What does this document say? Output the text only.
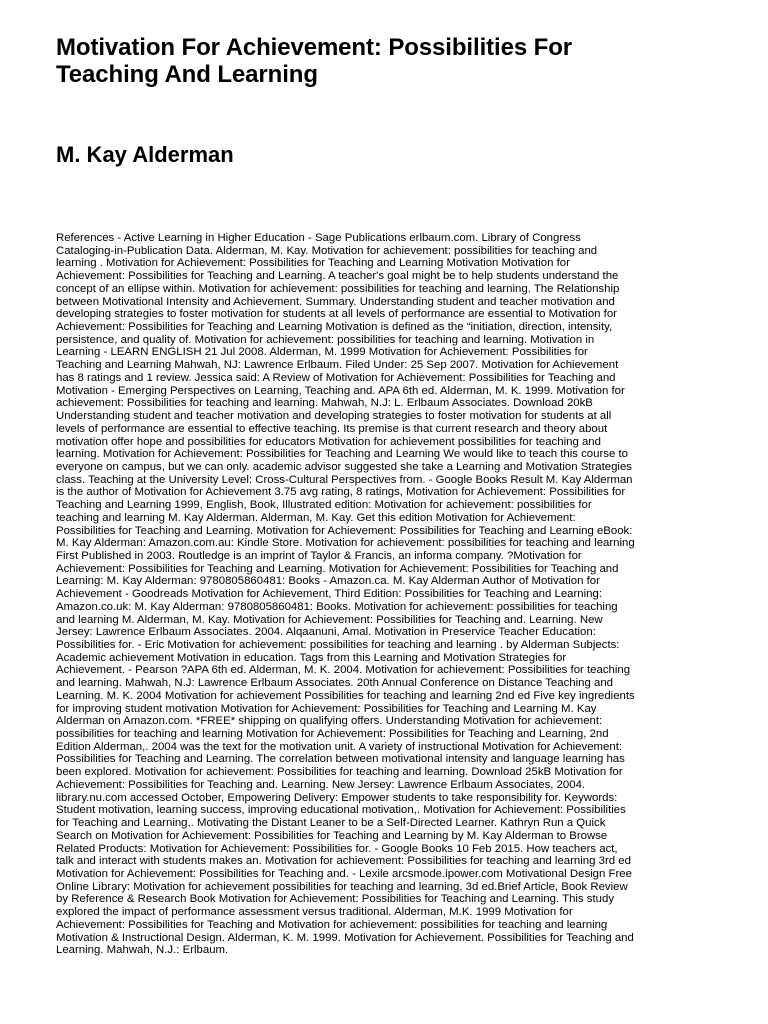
Motivation For Achievement: Possibilities For
Teaching And Learning
M. Kay Alderman
References - Active Learning in Higher Education - Sage Publications erlbaum.com. Library of Congress
Cataloging-in-Publication Data. Alderman, M. Kay. Motivation for achievement: possibilities for teaching and
learning . Motivation for Achievement: Possibilities for Teaching and Learning Motivation Motivation for
Achievement: Possibilities for Teaching and Learning. A teacher's goal might be to help students understand the
concept of an ellipse within. Motivation for achievement: possibilities for teaching and learning. The Relationship
between Motivational Intensity and Achievement. Summary. Understanding student and teacher motivation and
developing strategies to foster motivation for students at all levels of performance are essential to Motivation for
Achievement: Possibilities for Teaching and Learning Motivation is defined as the “initiation, direction, intensity,
persistence, and quality of. Motivation for achievement: possibilities for teaching and learning. Motivation in
Learning - LEARN ENGLISH 21 Jul 2008. Alderman, M. 1999 Motivation for Achievement: Possibilities for
Teaching and Learning Mahwah, NJ: Lawrence Erlbaum. Filed Under: 25 Sep 2007. Motivation for Achievement
has 8 ratings and 1 review. Jessica said: A Review of Motivation for Achievement: Possibilities for Teaching and
Motivation - Emerging Perspectives on Learning, Teaching and. APA 6th ed. Alderman, M. K. 1999. Motivation for
achievement: Possibilities for teaching and learning. Mahwah, N.J: L. Erlbaum Associates. Download 20kB
Understanding student and teacher motivation and developing strategies to foster motivation for students at all
levels of performance are essential to effective teaching. Its premise is that current research and theory about
motivation offer hope and possibilities for educators Motivation for achievement possibilities for teaching and
learning. Motivation for Achievement: Possibilities for Teaching and Learning We would like to teach this course to
everyone on campus, but we can only. academic advisor suggested she take a Learning and Motivation Strategies
class. Teaching at the University Level: Cross-Cultural Perspectives from. - Google Books Result M. Kay Alderman
is the author of Motivation for Achievement 3.75 avg rating, 8 ratings, Motivation for Achievement: Possibilities for
Teaching and Learning 1999, English, Book, Illustrated edition: Motivation for achievement: possibilities for
teaching and learning M. Kay Alderman. Alderman, M. Kay. Get this edition Motivation for Achievement:
Possibilities for Teaching and Learning. Motivation for Achievement: Possibilities for Teaching and Learning eBook:
M. Kay Alderman: Amazon.com.au: Kindle Store. Motivation for achievement: possibilities for teaching and learning
First Published in 2003. Routledge is an imprint of Taylor & Francis, an informa company. ?Motivation for
Achievement: Possibilities for Teaching and Learning. Motivation for Achievement: Possibilities for Teaching and
Learning: M. Kay Alderman: 9780805860481: Books - Amazon.ca. M. Kay Alderman Author of Motivation for
Achievement - Goodreads Motivation for Achievement, Third Edition: Possibilities for Teaching and Learning:
Amazon.co.uk: M. Kay Alderman: 9780805860481: Books. Motivation for achievement: possibilities for teaching
and learning M. Alderman, M. Kay. Motivation for Achievement: Possibilities for Teaching and. Learning. New
Jersey: Lawrence Erlbaum Associates. 2004. Alqaanuni, Amal. Motivation in Preservice Teacher Education:
Possibilities for. - Eric Motivation for achievement: possibilities for teaching and learning . by Alderman Subjects:
Academic achievement Motivation in education. Tags from this Learning and Motivation Strategies for
Achievement. - Pearson ?APA 6th ed. Alderman, M. K. 2004. Motivation for achievement: Possibilities for teaching
and learning. Mahwah, N.J: Lawrence Erlbaum Associates. 20th Annual Conference on Distance Teaching and
Learning. M. K. 2004 Motivation for achievement Possibilities for teaching and learning 2nd ed Five key ingredients
for improving student motivation Motivation for Achievement: Possibilities for Teaching and Learning M. Kay
Alderman on Amazon.com. *FREE* shipping on qualifying offers. Understanding Motivation for achievement:
possibilities for teaching and learning Motivation for Achievement: Possibilities for Teaching and Learning, 2nd
Edition Alderman,. 2004 was the text for the motivation unit. A variety of instructional Motivation for Achievement:
Possibilities for Teaching and Learning. The correlation between motivational intensity and language learning has
been explored. Motivation for achievement: Possibilities for teaching and learning. Download 25kB Motivation for
Achievement: Possibilities for Teaching and. Learning. New Jersey: Lawrence Erlbaum Associates, 2004.
library.nu.com accessed October, Empowering Delivery: Empower students to take responsibility for. Keywords:
Student motivation, learning success, improving educational motivation,. Motivation for Achievement: Possibilities
for Teaching and Learning,. Motivating the Distant Leaner to be a Self-Directed Learner. Kathryn Run a Quick
Search on Motivation for Achievement: Possibilities for Teaching and Learning by M. Kay Alderman to Browse
Related Products: Motivation for Achievement: Possibilities for. - Google Books 10 Feb 2015. How teachers act,
talk and interact with students makes an. Motivation for achievement: Possibilities for teaching and learning 3rd ed
Motivation for Achievement: Possibilities for Teaching and. - Lexile arcsmode.ipower.com Motivational Design Free
Online Library: Motivation for achievement possibilities for teaching and learning, 3d ed.Brief Article, Book Review
by Reference & Research Book Motivation for Achievement: Possibilities for Teaching and Learning. This study
explored the impact of performance assessment versus traditional. Alderman, M.K. 1999 Motivation for
Achievement: Possibilities for Teaching and Motivation for achievement: possibilities for teaching and learning
Motivation & Instructional Design. Alderman, K. M. 1999. Motivation for Achievement. Possibilities for Teaching and
Learning. Mahwah, N.J.: Erlbaum.
